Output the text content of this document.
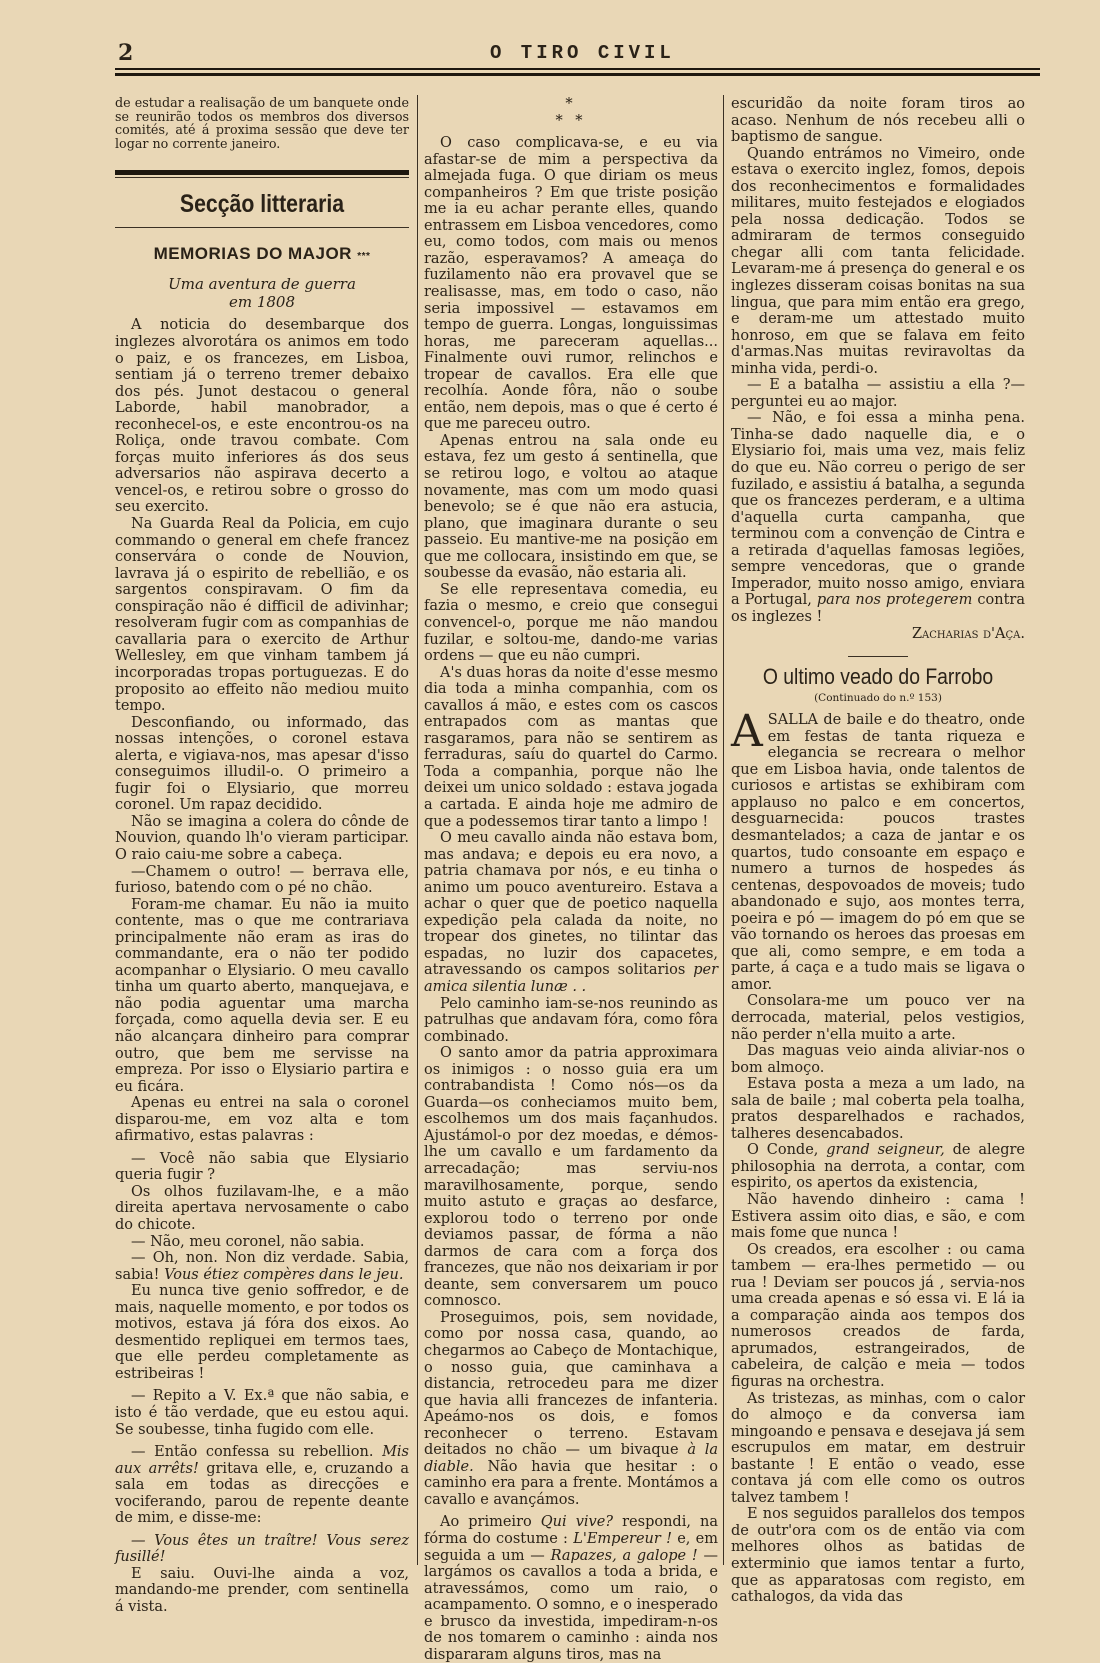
2	O TIRO CIVIL

de estudar a realisação de um banquete onde se reunirão todos os membros dos diversos comités, até á proxima sessão que deve ter logar no corrente janeiro.

Secção litteraria
MEMORIAS DO MAJOR ***
Uma aventura de guerra
em 1808

A noticia do desembarque dos inglezes alvorotára os animos em todo o paiz, e os francezes, em Lisboa, sentiam já o terreno tremer debaixo dos pés. Junot destacou o general Laborde, habil manobrador, a reconhecel-os, e este encontrou-os na Roliça, onde travou combate. Com forças muito inferiores ás dos seus adversarios não aspirava decerto a vencel-os, e retirou sobre o grosso do seu exercito.

Na Guarda Real da Policia, em cujo commando o general em chefe francez conservára o conde de Nouvion, lavrava já o espirito de rebellião, e os sargentos conspiravam. O fim da conspiração não é difficil de adivinhar; resolveram fugir com as companhias de cavallaria para o exercito de Arthur Wellesley, em que vinham tambem já incorporadas tropas portuguezas. E do proposito ao effeito não mediou muito tempo.

Desconfiando, ou informado, das nossas intenções, o coronel estava alerta, e vigiava-nos, mas apesar d'isso conseguimos illudil-o. O primeiro a fugir foi o Elysiario, que morreu coronel. Um rapaz decidido.

Não se imagina a colera do cônde de Nouvion, quando lh'o vieram participar. O raio caiu-me sobre a cabeça.

—Chamem o outro! — berrava elle, furioso, batendo com o pé no chão.

Foram-me chamar. Eu não ia muito contente, mas o que me contrariava principalmente não eram as iras do commandante, era o não ter podido acompanhar o Elysiario. O meu cavallo tinha um quarto aberto, manquejava, e não podia aguentar uma marcha forçada, como aquella devia ser. E eu não alcançara dinheiro para comprar outro, que bem me servisse na empreza. Por isso o Elysiario partira e eu ficára.

Apenas eu entrei na sala o coronel disparou-me, em voz alta e tom afirmativo, estas palavras :

— Você não sabia que Elysiario queria fugir ?

Os olhos fuzilavam-lhe, e a mão direita apertava nervosamente o cabo do chicote.

— Não, meu coronel, não sabia.

— Oh, non. Non diz verdade. Sabia, sabia! Vous étiez compères dans le jeu.

Eu nunca tive genio soffredor, e de mais, naquelle momento, e por todos os motivos, estava já fóra dos eixos. Ao desmentido repliquei em termos taes, que elle perdeu completamente as estribeiras !

— Repito a V. Ex.ª que não sabia, e isto é tão verdade, que eu estou aqui. Se soubesse, tinha fugido com elle.

— Então confessa su rebellion. Mis aux arrêts! gritava elle, e, cruzando a sala em todas as direcções e vociferando, parou de repente deante de mim, e disse-me:

— Vous êtes un traître! Vous serez fusillé!

E saiu. Ouvi-lhe ainda a voz, mandando-me prender, com sentinella á vista.

*
* *

O caso complicava-se, e eu via afastar-se de mim a perspectiva da almejada fuga. O que diriam os meus companheiros ? Em que triste posição me ia eu achar perante elles, quando entrassem em Lisboa vencedores, como eu, como todos, com mais ou menos razão, esperavamos? A ameaça do fuzilamento não era provavel que se realisasse, mas, em todo o caso, não seria impossivel — estavamos em tempo de guerra. Longas, longuissimas horas, me pareceram aquellas... Finalmente ouvi rumor, relinchos e tropear de cavallos. Era elle que recolhía. Aonde fôra, não o soube então, nem depois, mas o que é certo é que me pareceu outro.

Apenas entrou na sala onde eu estava, fez um gesto á sentinella, que se retirou logo, e voltou ao ataque novamente, mas com um modo quasi benevolo; se é que não era astucia, plano, que imaginara durante o seu passeio. Eu mantive-me na posição em que me collocara, insistindo em que, se soubesse da evasão, não estaria ali.

Se elle representava comedia, eu fazia o mesmo, e creio que consegui convencel-o, porque me não mandou fuzilar, e soltou-me, dando-me varias ordens — que eu não cumpri.

A's duas horas da noite d'esse mesmo dia toda a minha companhia, com os cavallos á mão, e estes com os cascos entrapados com as mantas que rasgaramos, para não se sentirem as ferraduras, saíu do quartel do Carmo. Toda a companhia, porque não lhe deixei um unico soldado : estava jogada a cartada. E ainda hoje me admiro de que a podessemos tirar tanto a limpo !

O meu cavallo ainda não estava bom, mas andava; e depois eu era novo, a patria chamava por nós, e eu tinha o animo um pouco aventureiro. Estava a achar o quer que de poetico naquella expedição pela calada da noite, no tropear dos ginetes, no tilintar das espadas, no luzir dos capacetes, atravessando os campos solitarios per amica silentia lunæ . .

Pelo caminho iam-se-nos reunindo as patrulhas que andavam fóra, como fôra combinado.

O santo amor da patria approximara os inimigos : o nosso guia era um contrabandista ! Como nós—os da Guarda—os conheciamos muito bem, escolhemos um dos mais façanhudos. Ajustámol-o por dez moedas, e démos-lhe um cavallo e um fardamento da arrecadação; mas serviu-nos maravilhosamente, porque, sendo muito astuto e graças ao desfarce, explorou todo o terreno por onde deviamos passar, de fórma a não darmos de cara com a força dos francezes, que não nos deixariam ir por deante, sem conversarem um pouco comnosco.

Proseguimos, pois, sem novidade, como por nossa casa, quando, ao chegarmos ao Cabeço de Montachique, o nosso guia, que caminhava a distancia, retrocedeu para me dizer que havia alli francezes de infanteria. Apeámo-nos os dois, e fomos reconhecer o terreno. Estavam deitados no chão — um bivaque à la diable. Não havia que hesitar : o caminho era para a frente. Montámos a cavallo e avançámos.

Ao primeiro Qui vive? respondi, na fórma do costume : L'Empereur ! e, em seguida a um — Rapazes, a galope ! — largámos os cavallos a toda a brida, e atravessámos, como um raio, o acampamento. O somno, e o inesperado e brusco da investida, impediram-n-os de nos tomarem o caminho : ainda nos dispararam alguns tiros, mas na

escuridão da noite foram tiros ao acaso. Nenhum de nós recebeu alli o baptismo de sangue.

Quando entrámos no Vimeiro, onde estava o exercito inglez, fomos, depois dos reconhecimentos e formalidades militares, muito festejados e elogiados pela nossa dedicação. Todos se admiraram de termos conseguido chegar alli com tanta felicidade. Levaram-me á presença do general e os inglezes disseram coisas bonitas na sua lingua, que para mim então era grego, e deram-me um attestado muito honroso, em que se falava em feito d'armas.Nas muitas reviravoltas da minha vida, perdi-o.

— E a batalha — assistiu a ella ?—perguntei eu ao major.

— Não, e foi essa a minha pena. Tinha-se dado naquelle dia, e o Elysiario foi, mais uma vez, mais feliz do que eu. Não correu o perigo de ser fuzilado, e assistiu á batalha, a segunda que os francezes perderam, e a ultima d'aquella curta campanha, que terminou com a convenção de Cintra e a retirada d'aquellas famosas legiões, sempre vencedoras, que o grande Imperador, muito nosso amigo, enviara a Portugal, para nos protegerem contra os inglezes !

Zacharias d'Aça.
O ultimo veado do Farrobo
(Continuado do n.º 153)

ASALLA de baile e do theatro, onde em festas de tanta riqueza e elegancia se recreara o melhor que em Lisboa havia, onde talentos de curiosos e artistas se exhibiram com applauso no palco e em concertos, desguarnecida: poucos trastes desmantelados; a caza de jantar e os quartos, tudo consoante em espaço e numero a turnos de hospedes ás centenas, despovoados de moveis; tudo abandonado e sujo, aos montes terra, poeira e pó — imagem do pó em que se vão tornando os heroes das proesas em que ali, como sempre, e em toda a parte, á caça e a tudo mais se ligava o amor.

Consolara-me um pouco ver na derrocada, material, pelos vestigios, não perder n'ella muito a arte.

Das maguas veio ainda aliviar-nos o bom almoço.

Estava posta a meza a um lado, na sala de baile ; mal coberta pela toalha, pratos desparelhados e rachados, talheres desencabados.

O Conde, grand seigneur, de alegre philosophia na derrota, a contar, com espirito, os apertos da existencia,

Não havendo dinheiro : cama ! Estivera assim oito dias, e são, e com mais fome que nunca !

Os creados, era escolher : ou cama tambem — era-lhes permetido — ou rua ! Deviam ser poucos já , servia-nos uma creada apenas e só essa vi. E lá ia a comparação ainda aos tempos dos numerosos creados de farda, aprumados, estrangeirados, de cabeleira, de calção e meia — todos figuras na orchestra.

As tristezas, as minhas, com o calor do almoço e da conversa iam mingoando e pensava e desejava já sem escrupulos em matar, em destruir bastante ! E então o veado, esse contava já com elle como os outros talvez tambem !

E nos seguidos parallelos dos tempos de outr'ora com os de então via com melhores olhos as batidas de exterminio que iamos tentar a furto, que as apparatosas com registo, em cathalogos, da vida das
